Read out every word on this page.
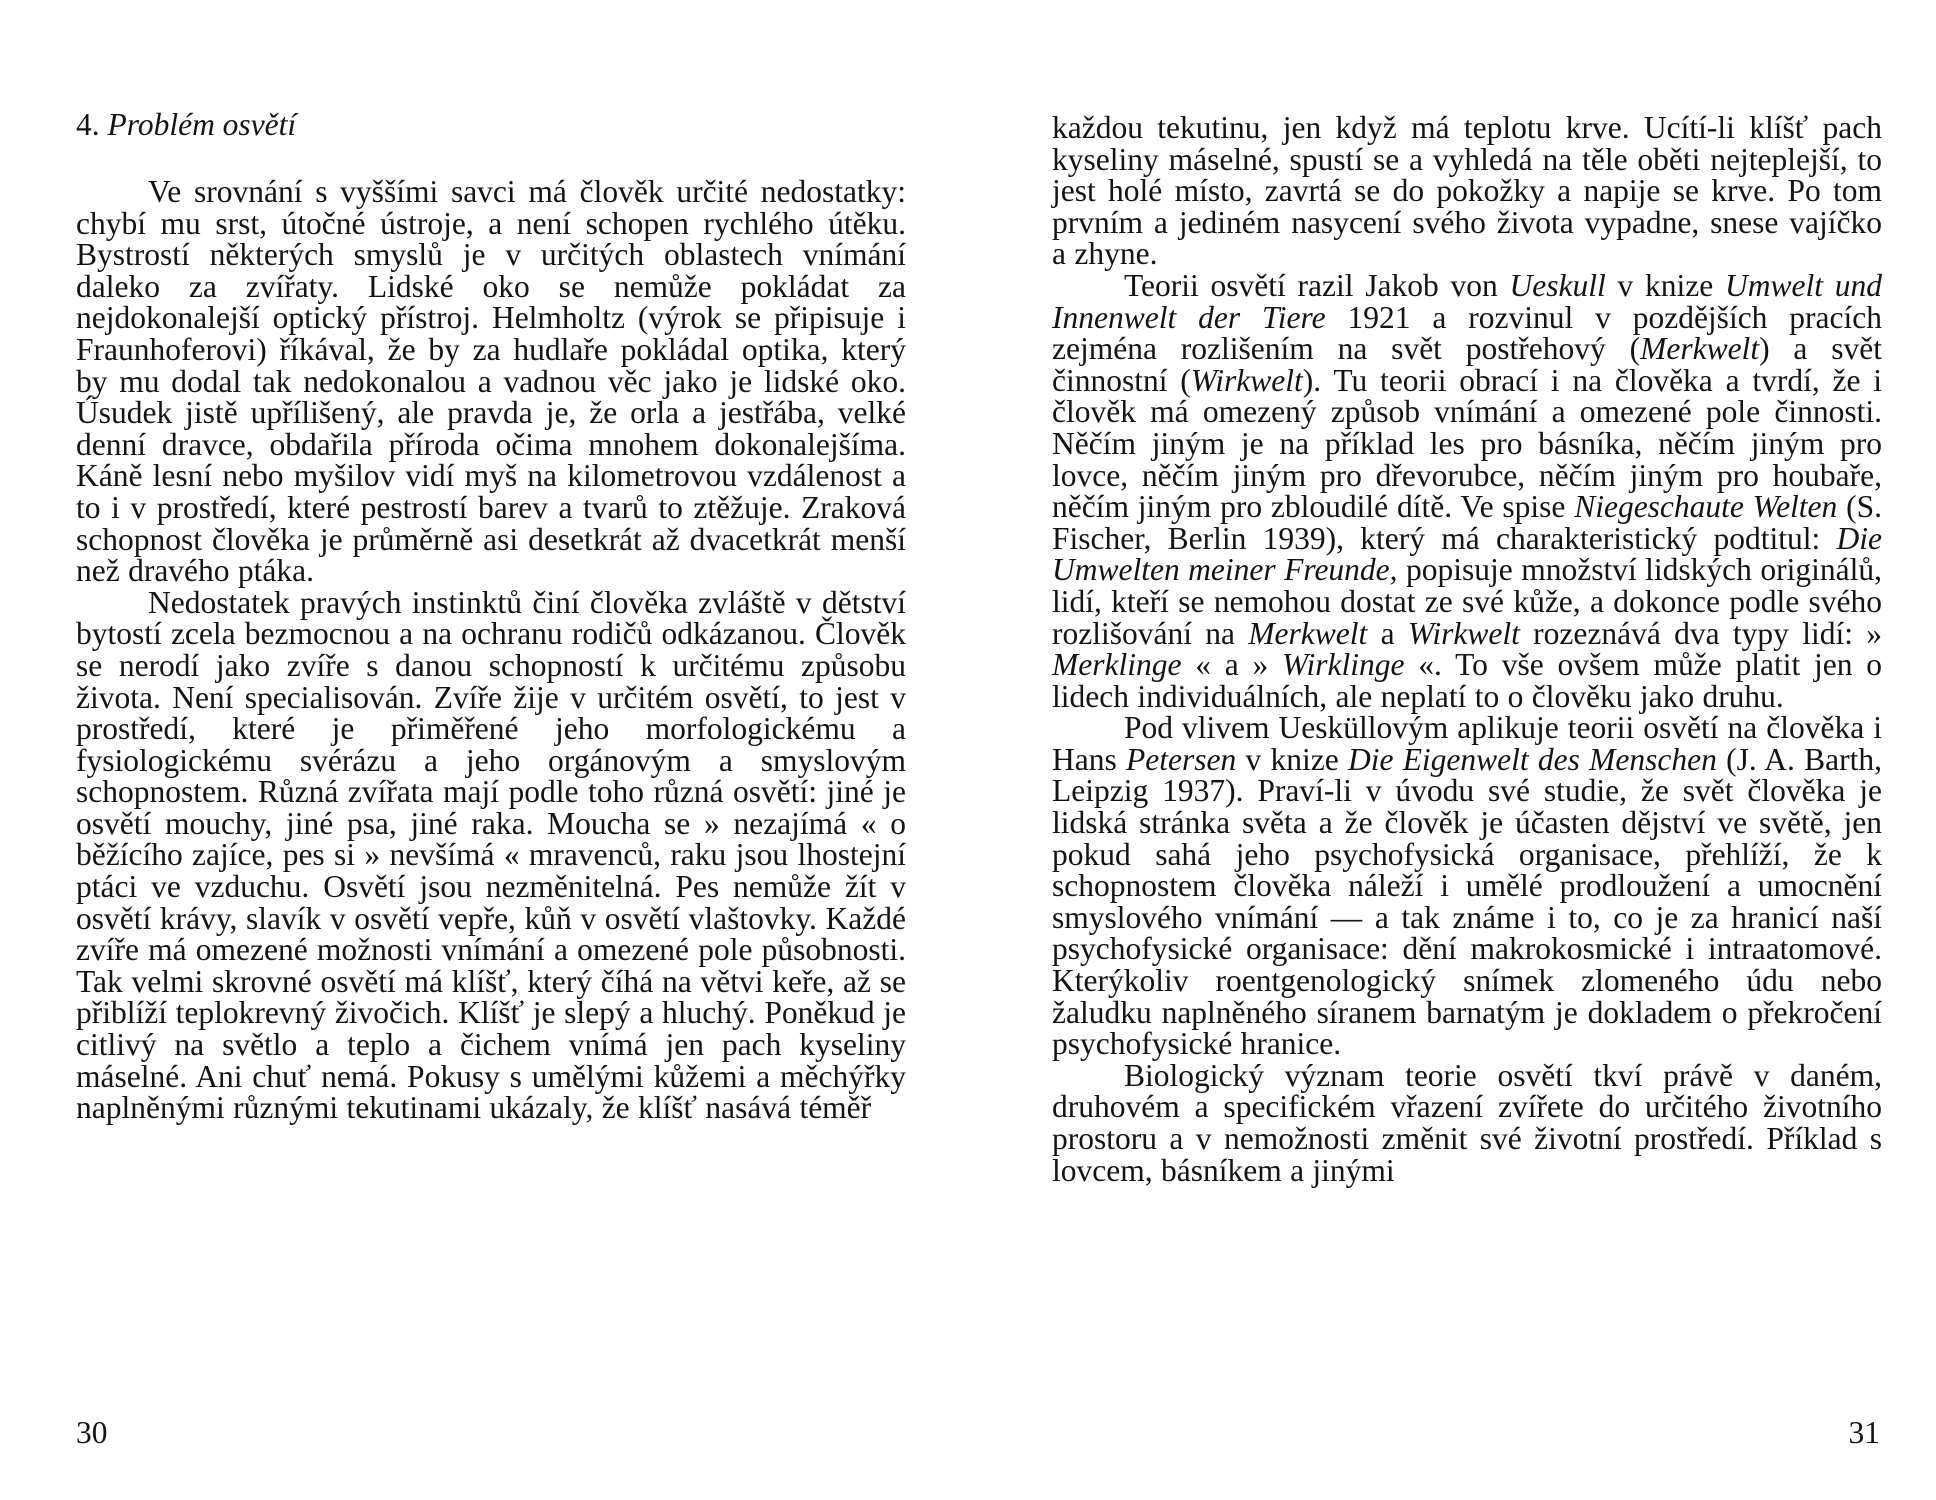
4. Problém osvětí

Ve srovnání s vyššími savci má člověk určité nedostatky: chybí mu srst, útočné ústroje, a není schopen rychlého útěku. Bystrostí některých smyslů je v určitých oblastech vnímání daleko za zvířaty. Lidské oko se nemůže pokládat za nejdokonalejší optický přístroj. Helmholtz (výrok se připisuje i Fraunhoferovi) říkával, že by za hudlaře pokládal optika, který by mu dodal tak nedokonalou a vadnou věc jako je lidské oko. Úsudek jistě upřílišený, ale pravda je, že orla a jestřába, velké denní dravce, obdařila příroda očima mnohem dokonalejšíma. Káně lesní nebo myšilov vidí myš na kilometrovou vzdálenost a to i v prostředí, které pestrostí barev a tvarů to ztěžuje. Zraková schopnost člověka je průměrně asi desetkrát až dvacetkrát menší než dravého ptáka.

Nedostatek pravých instinktů činí člověka zvláště v dětství bytostí zcela bezmocnou a na ochranu rodičů odkázanou. Člověk se nerodí jako zvíře s danou schopností k určitému způsobu života. Není specialisován. Zvíře žije v určitém osvětí, to jest v prostředí, které je přiměřené jeho morfologickému a fysiologickému svérázu a jeho orgánovým a smyslovým schopnostem. Různá zvířata mají podle toho různá osvětí: jiné je osvětí mouchy, jiné psa, jiné raka. Moucha se » nezajímá « o běžícího zajíce, pes si » nevšímá « mravenců, raku jsou lhostejní ptáci ve vzduchu. Osvětí jsou nezměnitelná. Pes nemůže žít v osvětí krávy, slavík v osvětí vepře, kůň v osvětí vlaštovky. Každé zvíře má omezené možnosti vnímání a omezené pole působnosti. Tak velmi skrovné osvětí má klíšť, který číhá na větvi keře, až se přiblíží teplokrevný živočich. Klíšť je slepý a hluchý. Poněkud je citlivý na světlo a teplo a čichem vnímá jen pach kyseliny máselné. Ani chuť nemá. Pokusy s umělými kůžemi a měchýřky naplněnými různými tekutinami ukázaly, že klíšť nasává téměř

30

každou tekutinu, jen když má teplotu krve. Ucítí-li klíšť pach kyseliny máselné, spustí se a vyhledá na těle oběti nejteplejší, to jest holé místo, zavrtá se do pokožky a napije se krve. Po tom prvním a jediném nasycení svého života vypadne, snese vajíčko a zhyne.

Teorii osvětí razil Jakob von Ueskull v knize Umwelt und Innenwelt der Tiere 1921 a rozvinul v pozdějších pracích zejména rozlišením na svět postřehový (Merkwelt) a svět činnostní (Wirkwelt). Tu teorii obrací i na člověka a tvrdí, že i člověk má omezený způsob vnímání a omezené pole činnosti. Něčím jiným je na příklad les pro básníka, něčím jiným pro lovce, něčím jiným pro dřevorubce, něčím jiným pro houbaře, něčím jiným pro zbloudilé dítě. Ve spise Niegeschaute Welten (S. Fischer, Berlin 1939), který má charakteristický podtitul: Die Umwelten meiner Freunde, popisuje množství lidských originálů, lidí, kteří se nemohou dostat ze své kůže, a dokonce podle svého rozlišování na Merkwelt a Wirkwelt rozeznává dva typy lidí: » Merklinge « a » Wirklinge «. To vše ovšem může platit jen o lidech individuálních, ale neplatí to o člověku jako druhu.

Pod vlivem Uesküllovým aplikuje teorii osvětí na člověka i Hans Petersen v knize Die Eigenwelt des Menschen (J. A. Barth, Leipzig 1937). Praví-li v úvodu své studie, že svět člověka je lidská stránka světa a že člověk je účasten dějství ve světě, jen pokud sahá jeho psychofysická organisace, přehlíží, že k schopnostem člověka náleží i umělé prodloužení a umocnění smyslového vnímání — a tak známe i to, co je za hranicí naší psychofysické organisace: dění makrokosmické i intraatomové. Kterýkoliv roentgenologický snímek zlomeného údu nebo žaludku naplněného síranem barnatým je dokladem o překročení psychofysické hranice.

Biologický význam teorie osvětí tkví právě v daném, druhovém a specifickém vřazení zvířete do určitého životního prostoru a v nemožnosti změnit své životní prostředí. Příklad s lovcem, básníkem a jinými

31
